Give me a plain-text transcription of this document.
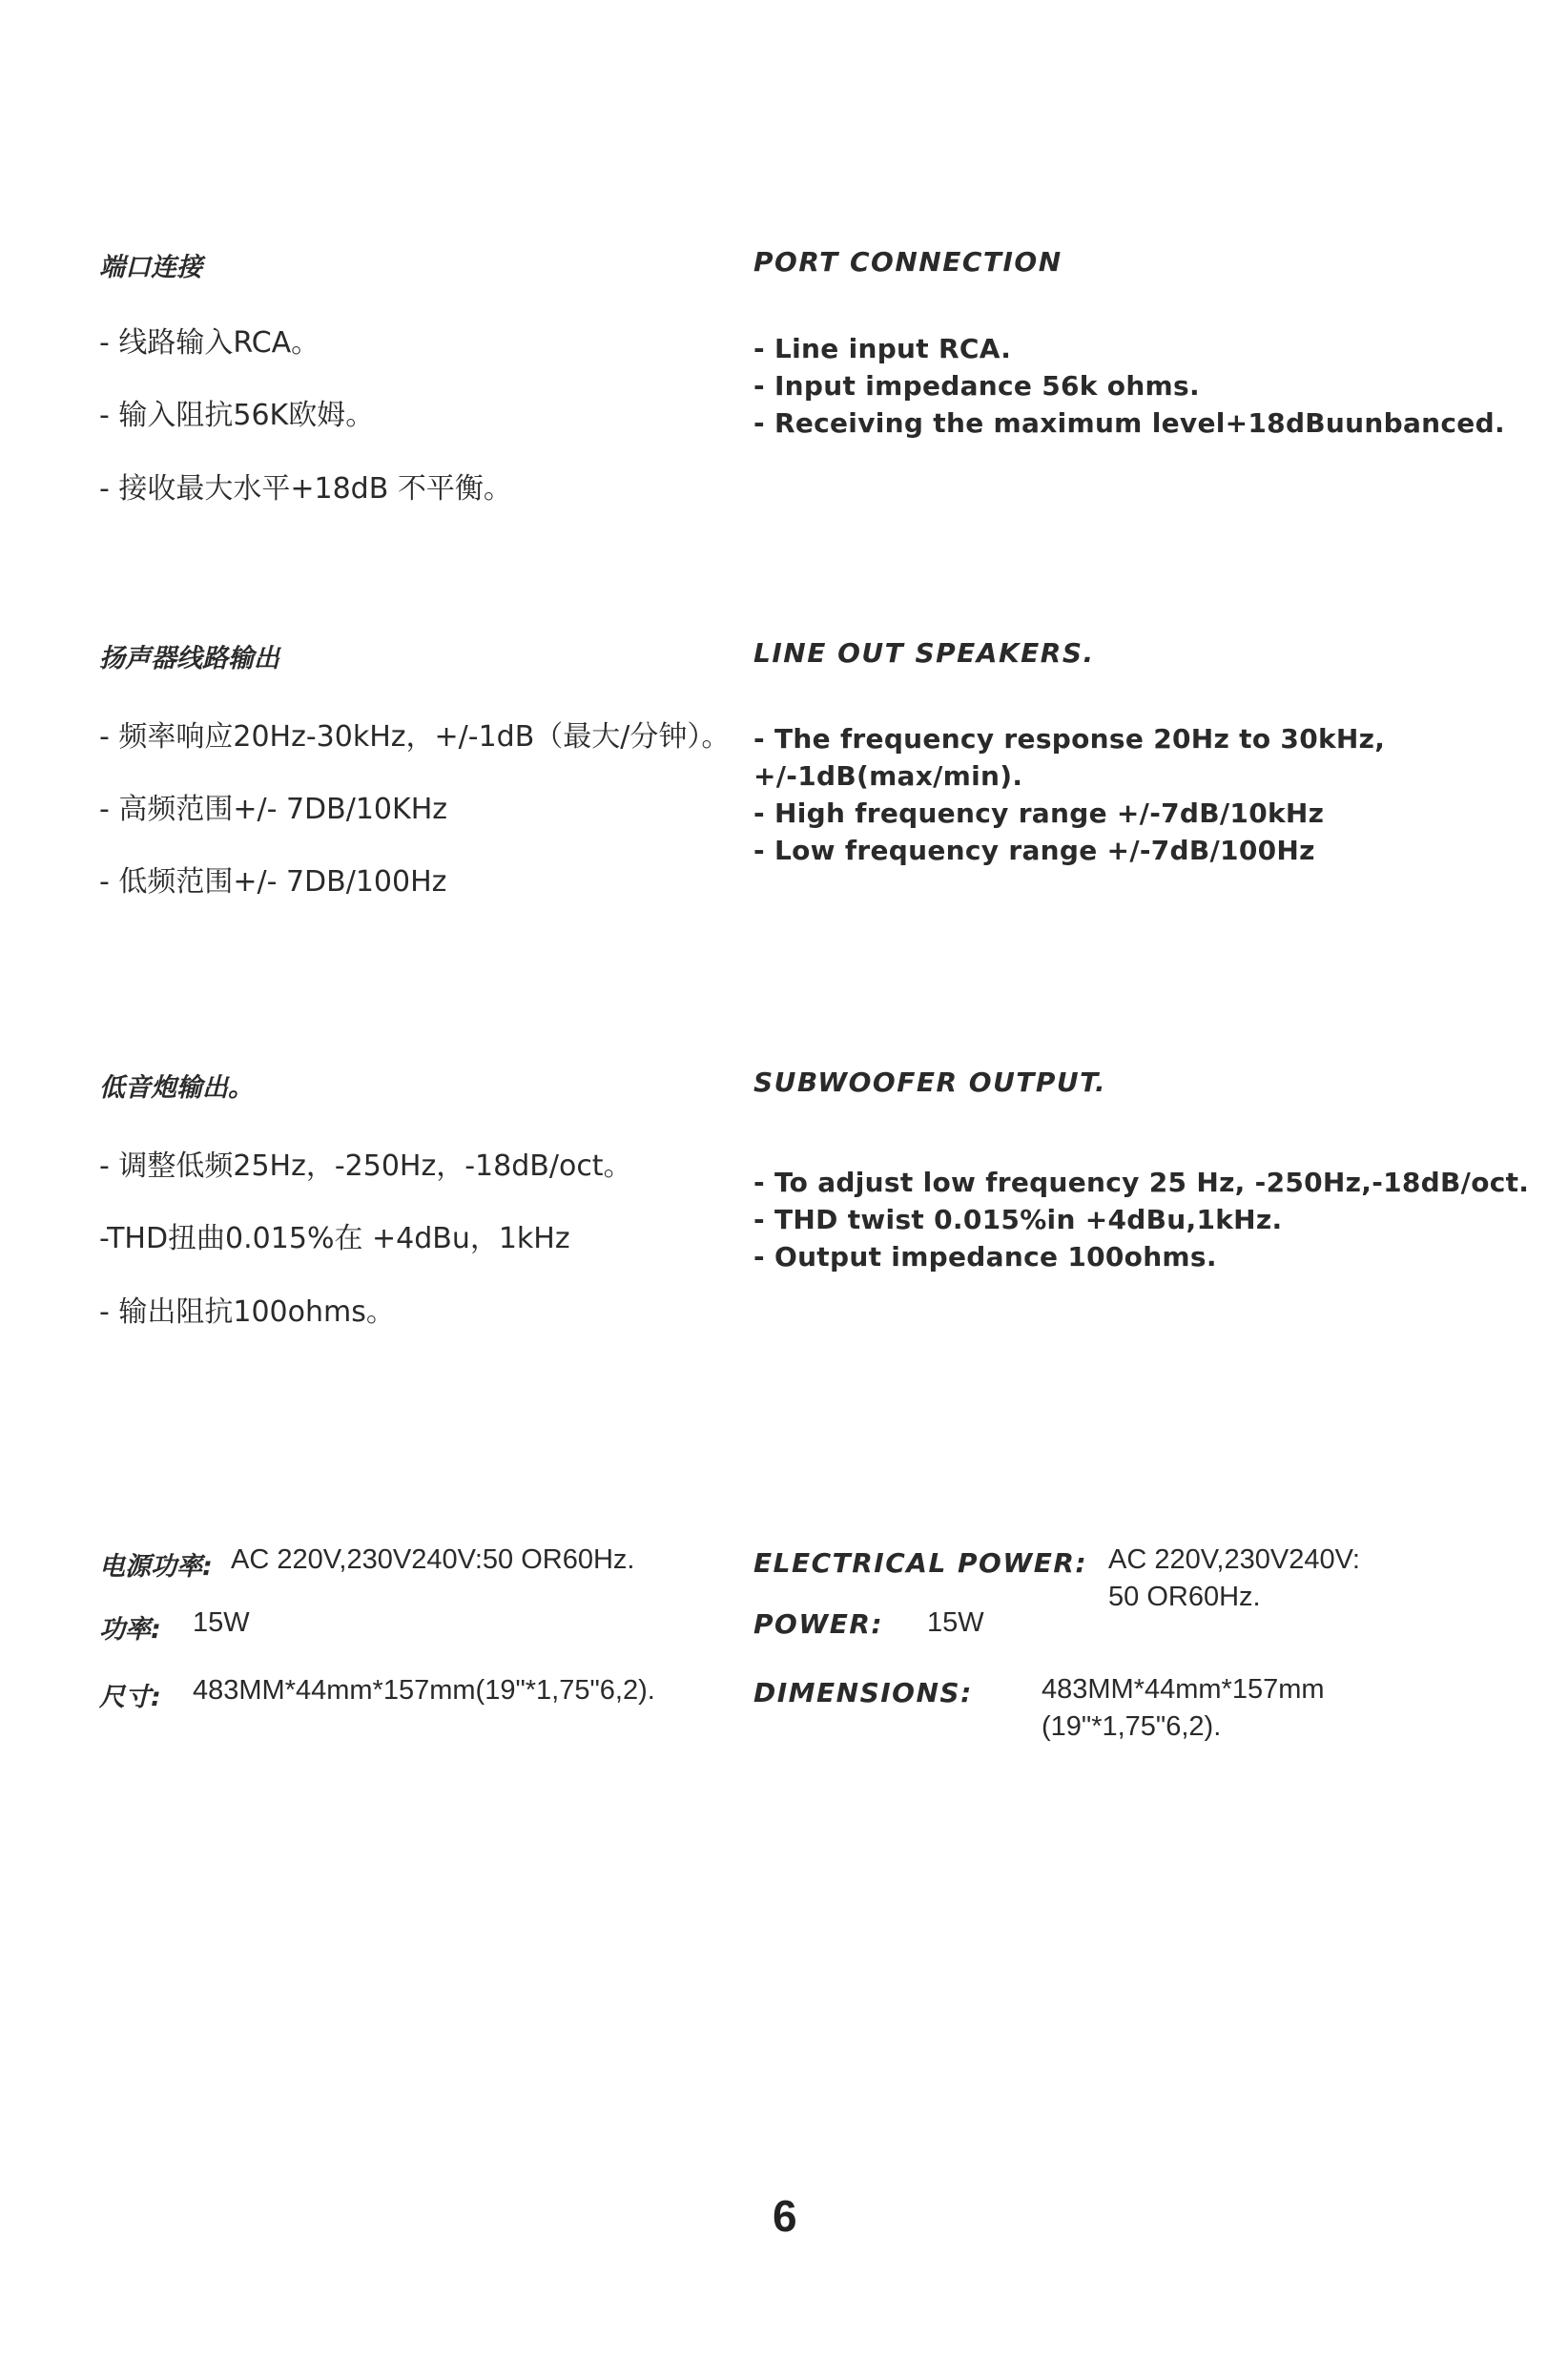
端口连接	PORT CONNECTION
- 线路输入RCA。
- 输入阻抗56K欧姆。
- 接收最大水平+18dB 不平衡。
- Line input RCA.
- Input impedance 56k ohms.
- Receiving the maximum level+18dBuunbanced.
扬声器线路输出	LINE OUT SPEAKERS.
- 频率响应20Hz-30kHz，+/-1dB（最大/分钟）。
- 高频范围+/- 7DB/10KHz
- 低频范围+/- 7DB/100Hz
- The frequency response 20Hz to 30kHz,
+/-1dB(max/min).
- High frequency range +/-7dB/10kHz
- Low frequency range +/-7dB/100Hz
低音炮输出。	SUBWOOFER OUTPUT.
- 调整低频25Hz，-250Hz，-18dB/oct。
-THD扭曲0.015%在 +4dBu，1kHz
- 输出阻抗100ohms。
- To adjust low frequency 25 Hz, -250Hz,-18dB/oct.
- THD twist 0.015%in +4dBu,1kHz.
- Output impedance 100ohms.
电源功率: AC 220V,230V240V:50 OR60Hz.
功率: 15W
尺寸: 483MM*44mm*157mm(19"*1,75"6,2).
ELECTRICAL POWER: AC 220V,230V240V:
50 OR60Hz.
POWER: 15W
DIMENSIONS: 483MM*44mm*157mm
(19"*1,75"6,2).
6
